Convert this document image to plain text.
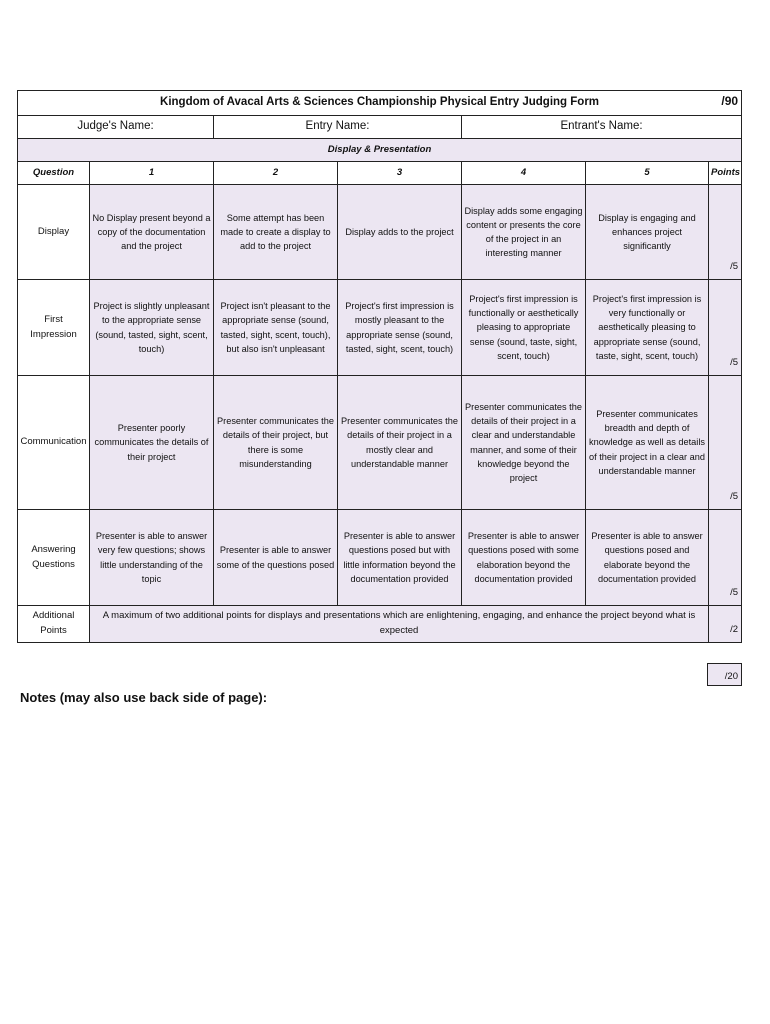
Kingdom of Avacal Arts & Sciences Championship Physical Entry Judging Form /90						

Judge's Name:		Entry Name:		Entrant's Name:		
Display & Presentation						
Question	1	2	3	4	5	Points
Display	No Display present beyond a copy of the documentation and the project	Some attempt has been made to create a display to add to the project	Display adds to the project	Display adds some engaging content or presents the core of the project in an interesting manner	Display is engaging and enhances project significantly	/5

First Impression	Project is slightly unpleasant to the appropriate sense (sound, tasted, sight, scent, touch)	Project isn't pleasant to the appropriate sense (sound, tasted, sight, scent, touch), but also isn't unpleasant	Project's first impression is mostly pleasant to the appropriate sense (sound, tasted, sight, scent, touch)	Project's first impression is functionally or aesthetically pleasing to appropriate sense (sound, taste, sight, scent, touch)	Project's first impression is very functionally or aesthetically pleasing to appropriate sense (sound, taste, sight, scent, touch)	/5

Communication	Presenter poorly communicates the details of their project	Presenter communicates the details of their project, but there is some misunderstanding	Presenter communicates the details of their project in a mostly clear and understandable manner	Presenter communicates the details of their project in a clear and understandable manner, and some of their knowledge beyond the project	Presenter communicates breadth and depth of knowledge as well as details of their project in a clear and understandable manner	/5

Answering Questions	Presenter is able to answer very few questions; shows little understanding of the topic	Presenter is able to answer some of the questions posed	Presenter is able to answer questions posed but with little information beyond the documentation provided	Presenter is able to answer questions posed with some elaboration beyond the documentation provided	Presenter is able to answer questions posed and elaborate beyond the documentation provided	/5

Additional Points	A maximum of two additional points for displays and presentations which are enlightening, engaging, and enhance the project beyond what is expected					/2
/20
Notes (may also use back side of page):
